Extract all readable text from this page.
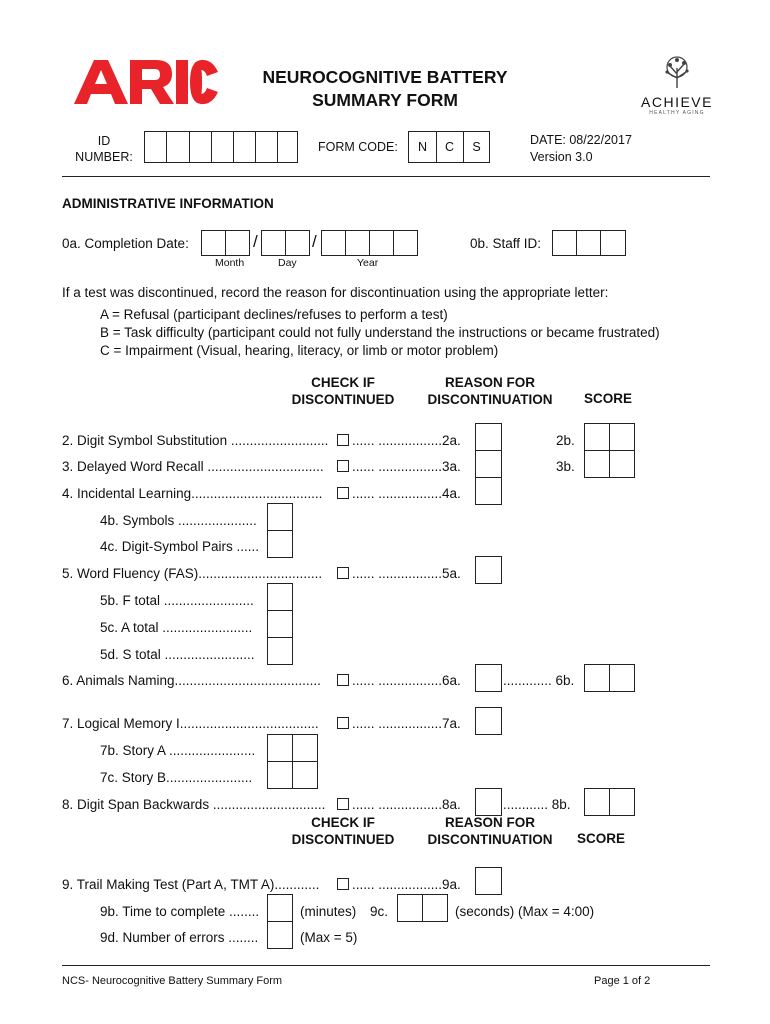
NEUROCOGNITIVE BATTERY
SUMMARY FORM	ACHIEVE
HEALTHY AGING
ID
NUMBER:
FORM CODE:	N	C	S	DATE: 08/22/2017
Version 3.0
ADMINISTRATIVE INFORMATION
0a. Completion Date:	/	/
Month	Day	Year
0b. Staff ID:
If a test was discontinued, record the reason for discontinuation using the appropriate letter:
A = Refusal (participant declines/refuses to perform a test)
B = Task difficulty (participant could not fully understand the instructions or became frustrated)
C = Impairment (Visual, hearing, literacy, or limb or motor problem)
CHECK IF
DISCONTINUED
REASON FOR
DISCONTINUATION	SCORE
2. Digit Symbol Substitution .......................... ...... .................2a.	2b.
3. Delayed Word Recall ............................... ...... .................3a.	3b.
4. Incidental Learning................................... ...... .................4a.
4b. Symbols .....................
4c. Digit-Symbol Pairs ......
5. Word Fluency (FAS)................................. ...... .................5a.
5b. F total ........................
5c. A total ........................
5d. S total ........................
6. Animals Naming....................................... ...... .................6a.	............. 6b.
7. Logical Memory I..................................... ...... .................7a.
7b. Story A .......................
7c. Story B.......................
8. Digit Span Backwards .............................. ...... .................8a.	............ 8b.
CHECK IF
DISCONTINUED
REASON FOR
DISCONTINUATION	SCORE
9. Trail Making Test (Part A, TMT A)............ ...... .................9a.
9b. Time to complete ........	(minutes) 9c.	(seconds) (Max = 4:00)
9d. Number of errors ........	(Max = 5)
NCS- Neurocognitive Battery Summary Form	Page 1 of 2
